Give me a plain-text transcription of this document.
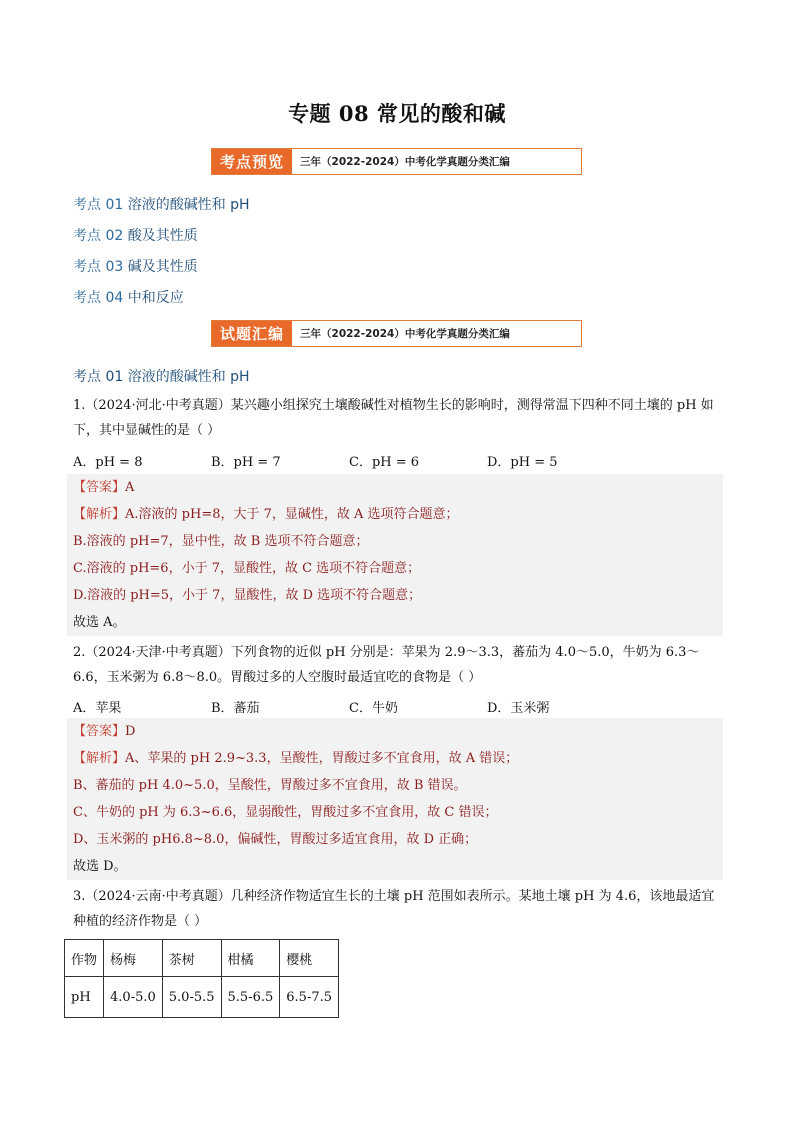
专题 08 常见的酸和碱
考点预览	三年（2022-2024）中考化学真题分类汇编
考点 01 溶液的酸碱性和 pH
考点 02 酸及其性质
考点 03 碱及其性质
考点 04 中和反应
试题汇编	三年（2022-2024）中考化学真题分类汇编
考点 01 溶液的酸碱性和 pH
1.（2024·河北·中考真题）某兴趣小组探究土壤酸碱性对植物生长的影响时，测得常温下四种不同土壤的 pH 如下，其中显碱性的是（ ）
A．pH = 8	B．pH = 7	C．pH = 6	D．pH = 5
【答案】A
【解析】A.溶液的 pH=8，大于 7，显碱性，故 A 选项符合题意；
B.溶液的 pH=7，显中性，故 B 选项不符合题意；
C.溶液的 pH=6，小于 7，显酸性，故 C 选项不符合题意；
D.溶液的 pH=5，小于 7，显酸性，故 D 选项不符合题意；
故选 A。
2.（2024·天津·中考真题）下列食物的近似 pH 分别是：苹果为 2.9～3.3，蕃茄为 4.0～5.0，牛奶为 6.3～6.6，玉米粥为 6.8～8.0。胃酸过多的人空腹时最适宜吃的食物是（ ）
A．苹果	B．蕃茄	C．牛奶	D．玉米粥
【答案】D
【解析】A、苹果的 pH 2.9~3.3，呈酸性，胃酸过多不宜食用，故 A 错误；
B、蕃茄的 pH 4.0~5.0，呈酸性，胃酸过多不宜食用，故 B 错误。
C、牛奶的 pH 为 6.3~6.6，显弱酸性，胃酸过多不宜食用，故 C 错误；
D、玉米粥的 pH6.8~8.0，偏碱性，胃酸过多适宜食用，故 D 正确；
故选 D。
3.（2024·云南·中考真题）几种经济作物适宜生长的土壤 pH 范围如表所示。某地土壤 pH 为 4.6，该地最适宜种植的经济作物是（ ）
作物	杨梅	茶树	柑橘	樱桃
pH	4.0-5.0	5.0-5.5	5.5-6.5	6.5-7.5
